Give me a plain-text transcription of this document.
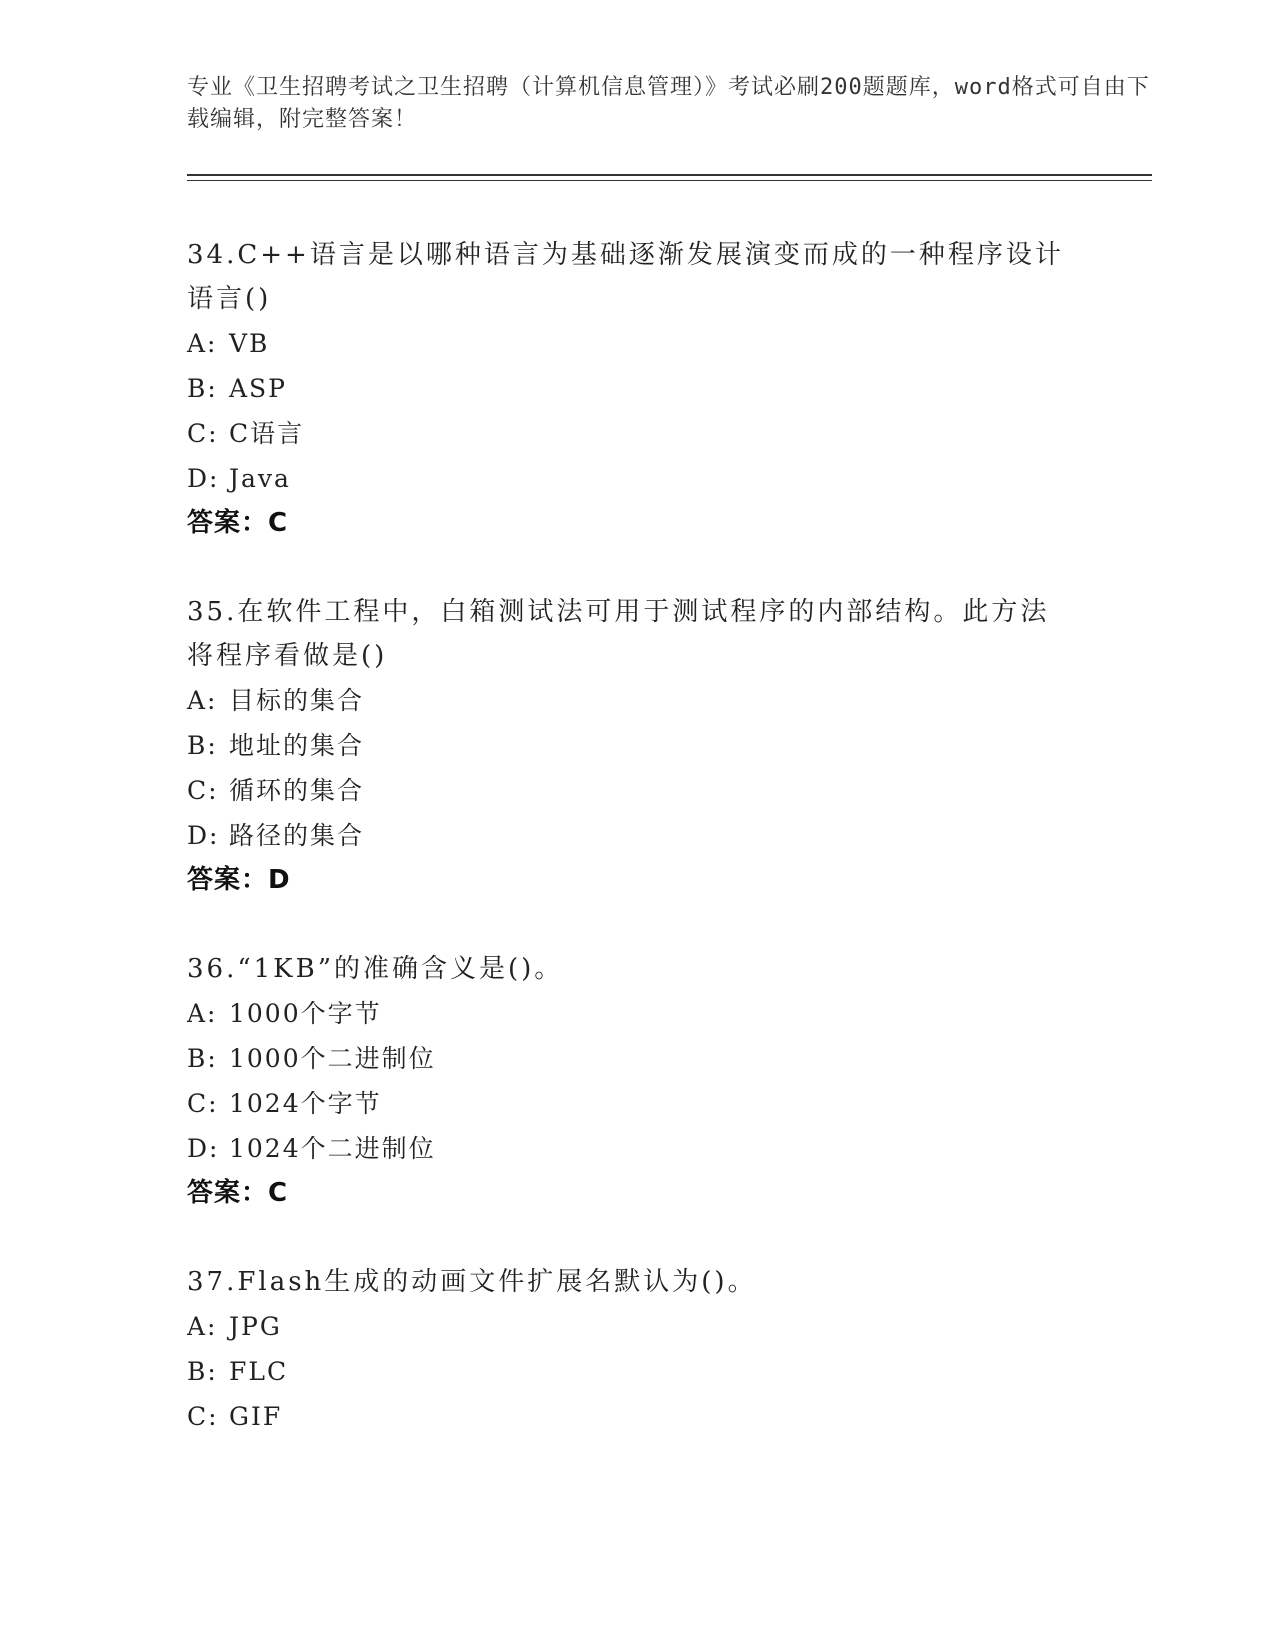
专业《卫生招聘考试之卫生招聘（计算机信息管理）》考试必刷200题题库，word格式可自由下载编辑，附完整答案！
34.C++语言是以哪种语言为基础逐渐发展演变而成的一种程序设计语言()
A: VB
B: ASP
C: C语言
D: Java
答案：C
35.在软件工程中，白箱测试法可用于测试程序的内部结构。此方法将程序看做是()
A: 目标的集合
B: 地址的集合
C: 循环的集合
D: 路径的集合
答案：D
36.“1KB”的准确含义是()。
A: 1000个字节
B: 1000个二进制位
C: 1024个字节
D: 1024个二进制位
答案：C
37.Flash生成的动画文件扩展名默认为()。
A: JPG
B: FLC
C: GIF
